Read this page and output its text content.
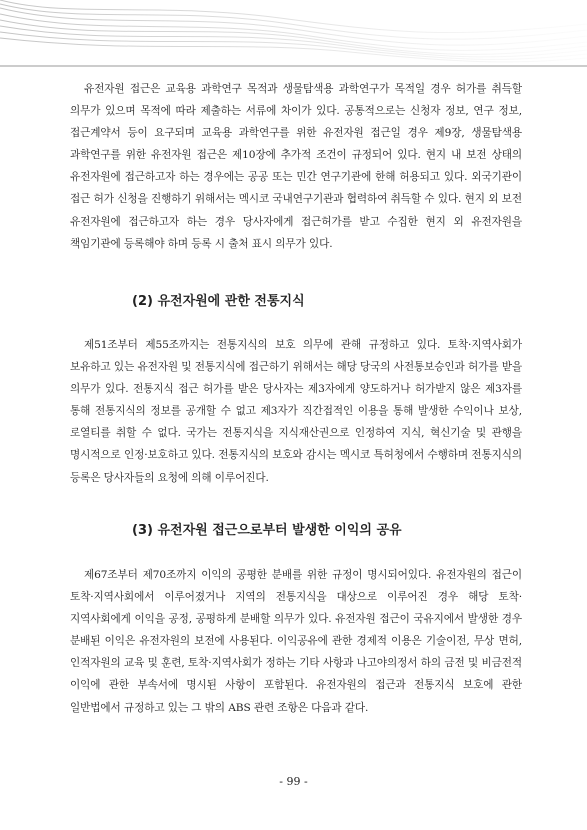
유전자원 접근은 교육용 과학연구 목적과 생물탐색용 과학연구가 목적일 경우 허가를 취득할 의무가 있으며 목적에 따라 제출하는 서류에 차이가 있다. 공통적으로는 신청자 정보, 연구 정보, 접근계약서 등이 요구되며 교육용 과학연구를 위한 유전자원 접근일 경우 제9장, 생물탐색용 과학연구를 위한 유전자원 접근은 제10장에 추가적 조건이 규정되어 있다. 현지 내 보전 상태의 유전자원에 접근하고자 하는 경우에는 공공 또는 민간 연구기관에 한해 허용되고 있다. 외국기관이 접근 허가 신청을 진행하기 위해서는 멕시코 국내연구기관과 협력하여 취득할 수 있다. 현지 외 보전 유전자원에 접근하고자 하는 경우 당사자에게 접근허가를 받고 수집한 현지 외 유전자원을 책임기관에 등록해야 하며 등록 시 출처 표시 의무가 있다.

(2) 유전자원에 관한 전통지식

제51조부터 제55조까지는 전통지식의 보호 의무에 관해 규정하고 있다. 토착·지역사회가 보유하고 있는 유전자원 및 전통지식에 접근하기 위해서는 해당 당국의 사전통보승인과 허가를 받을 의무가 있다. 전통지식 접근 허가를 받은 당사자는 제3자에게 양도하거나 허가받지 않은 제3자를 통해 전통지식의 정보를 공개할 수 없고 제3자가 직간접적인 이용을 통해 발생한 수익이나 보상, 로열티를 취할 수 없다. 국가는 전통지식을 지식재산권으로 인정하여 지식, 혁신기술 및 관행을 명시적으로 인정·보호하고 있다. 전통지식의 보호와 감시는 멕시코 특허청에서 수행하며 전통지식의 등록은 당사자들의 요청에 의해 이루어진다.

(3) 유전자원 접근으로부터 발생한 이익의 공유

제67조부터 제70조까지 이익의 공평한 분배를 위한 규정이 명시되어있다. 유전자원의 접근이 토착·지역사회에서 이루어졌거나 지역의 전통지식을 대상으로 이루어진 경우 해당 토착·지역사회에게 이익을 공정, 공평하게 분배할 의무가 있다. 유전자원 접근이 국유지에서 발생한 경우 분배된 이익은 유전자원의 보전에 사용된다. 이익공유에 관한 경제적 이용은 기술이전, 무상 면허, 인적자원의 교육 및 훈련, 토착·지역사회가 정하는 기타 사항과 나고야의정서 하의 금전 및 비금전적 이익에 관한 부속서에 명시된 사항이 포함된다. 유전자원의 접근과 전통지식 보호에 관한 일반법에서 규정하고 있는 그 밖의 ABS 관련 조항은 다음과 같다.

- 99 -
